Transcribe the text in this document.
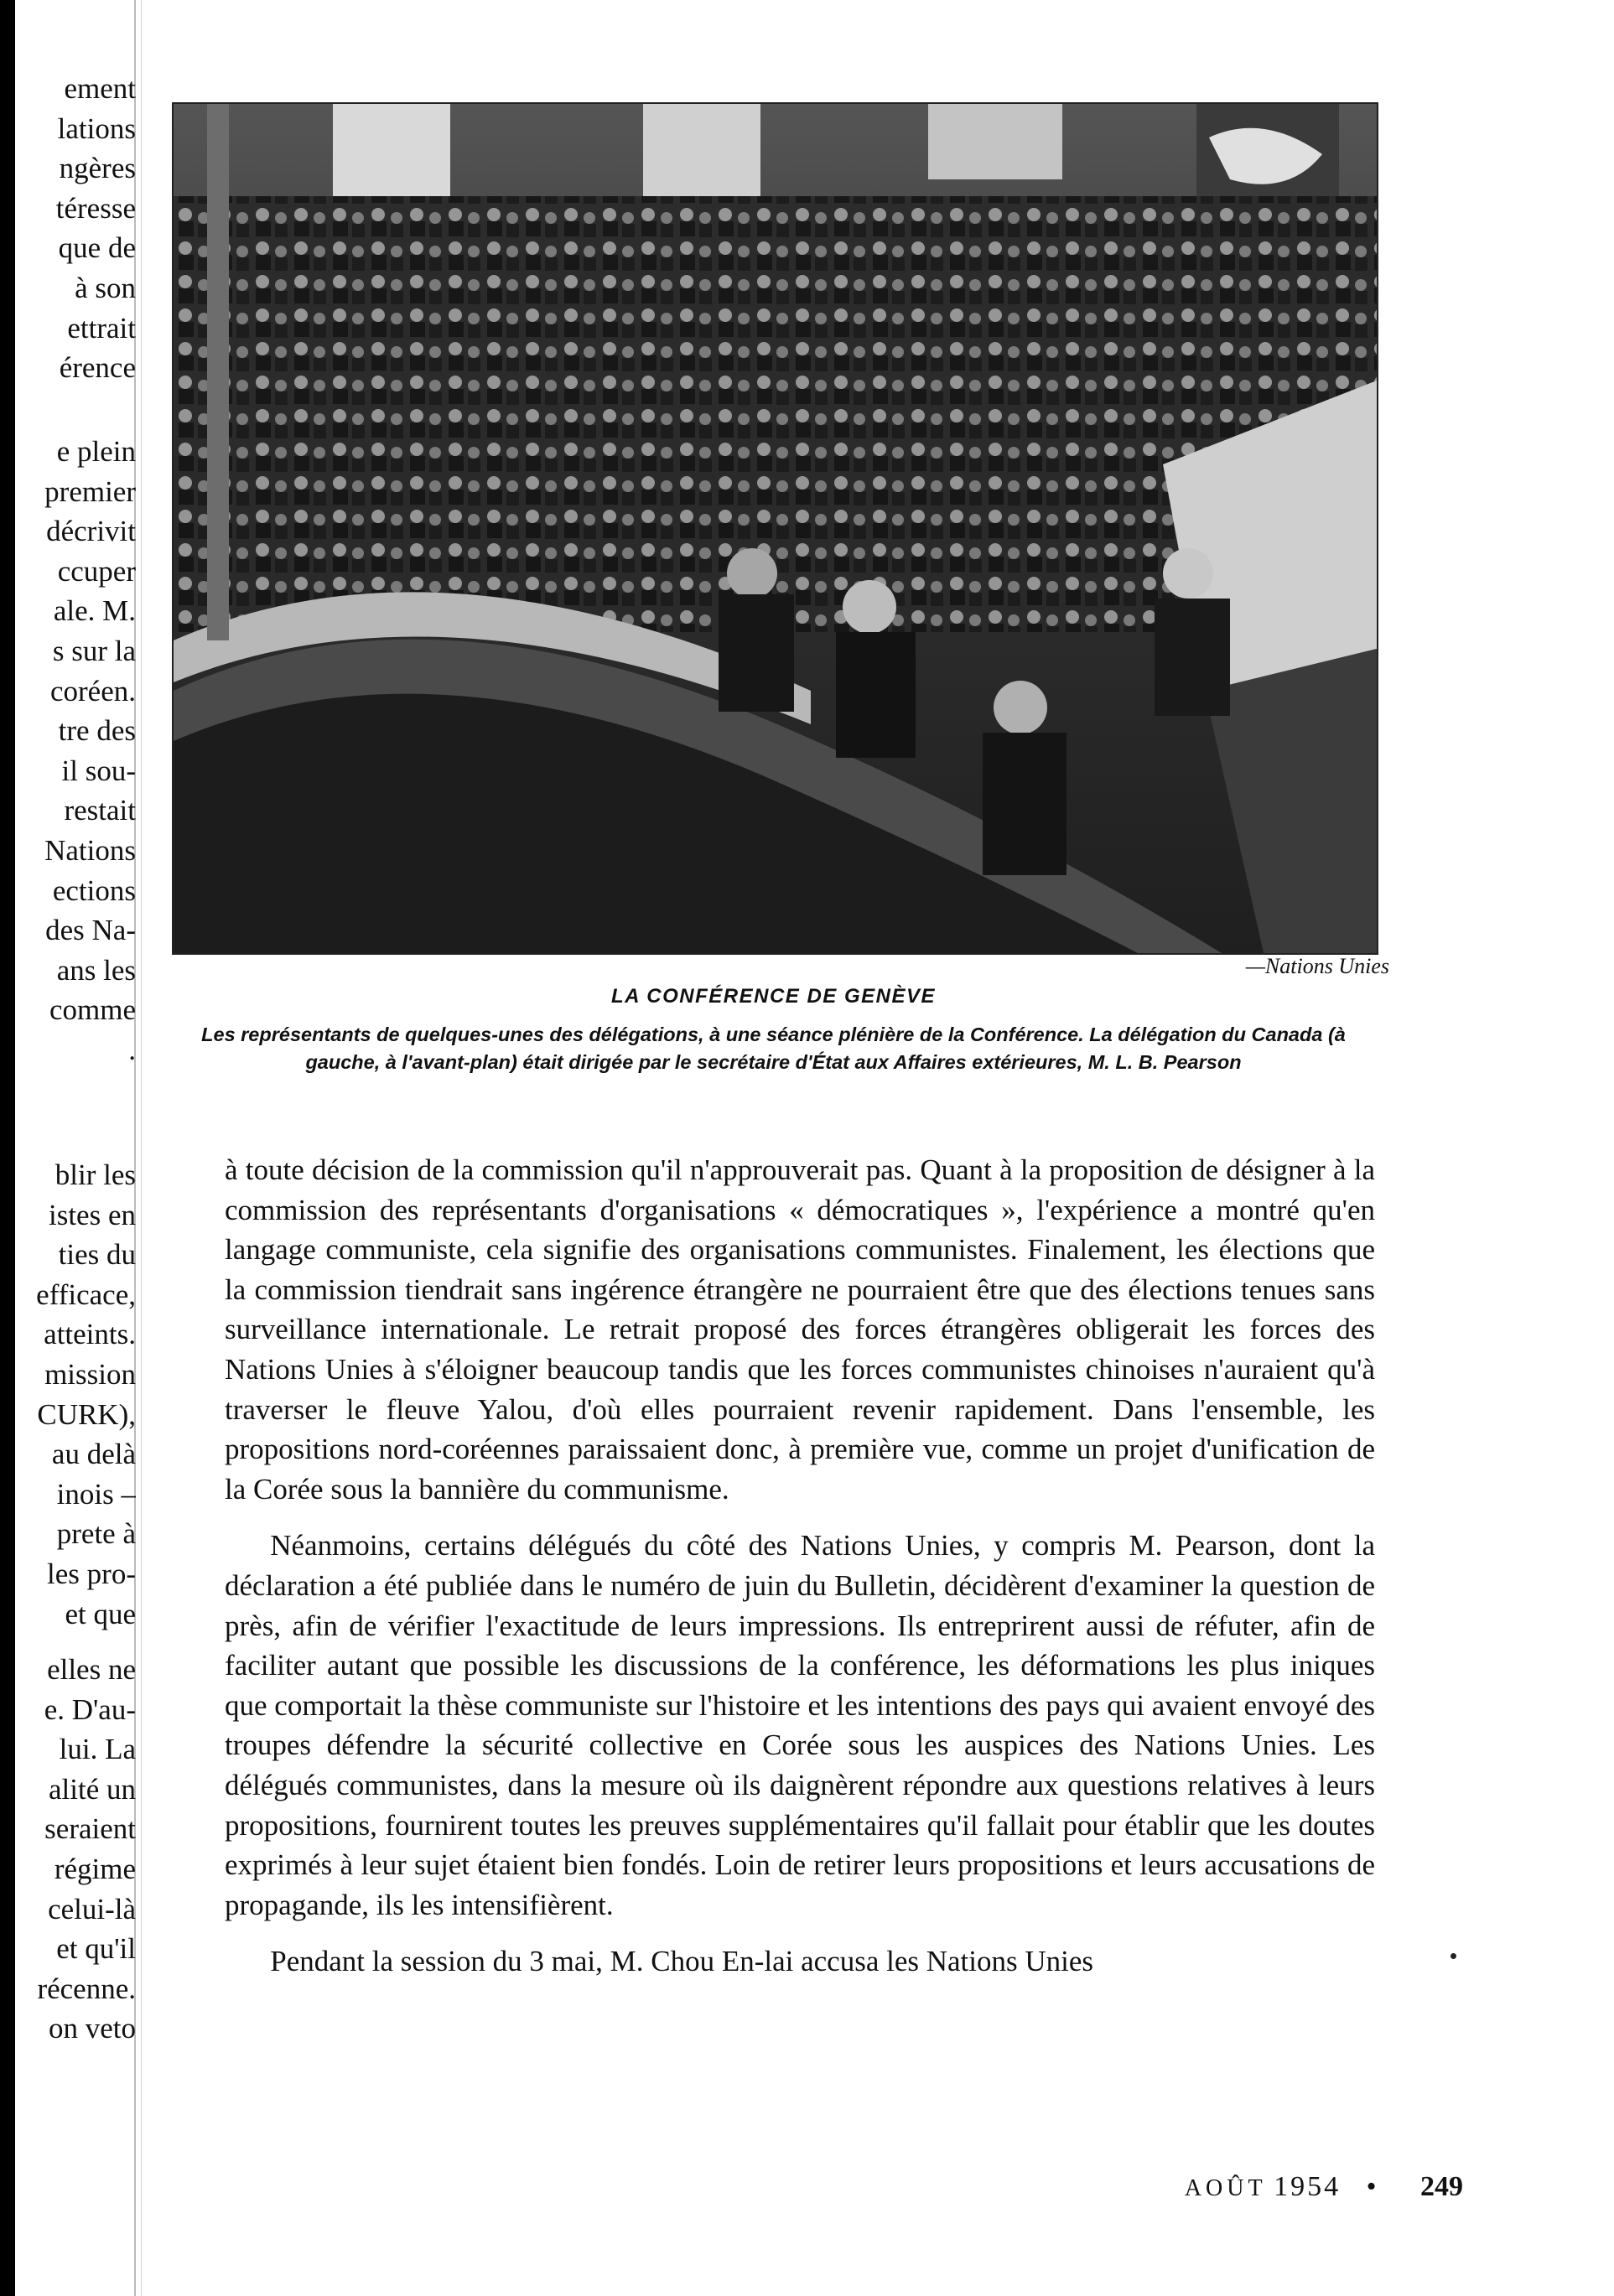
ement
lations
ngères
téresse
que de
à son
ettrait
érence
e plein
premier
décrivit
ccuper
ale. M.
s sur la
coréen.
tre des
il sou-
restait
Nations
ections
des Na-
ans les
comme
.
blir les
istes en
ties du
efficace,
atteints.
mission
CURK),
au delà
inois –
prete à
les pro-
et que
elles ne
e. D'au-
lui. La
alité un
seraient
régime
celui-là
et qu'il
récenne.
on veto
—Nations Unies
LA CONFÉRENCE DE GENÈVE
Les représentants de quelques-unes des délégations, à une séance plénière de la Conférence. La délégation du Canada (à gauche, à l'avant-plan) était dirigée par le secrétaire d'État aux Affaires extérieures, M. L. B. Pearson

à toute décision de la commission qu'il n'approuverait pas. Quant à la proposition de désigner à la commission des représentants d'organisations « démocratiques », l'expérience a montré qu'en langage communiste, cela signifie des organisations communistes. Finalement, les élections que la commission tiendrait sans ingérence étrangère ne pourraient être que des élections tenues sans surveillance internationale. Le retrait proposé des forces étrangères obligerait les forces des Nations Unies à s'éloigner beaucoup tandis que les forces communistes chinoises n'auraient qu'à traverser le fleuve Yalou, d'où elles pourraient revenir rapidement. Dans l'ensemble, les propositions nord-coréennes paraissaient donc, à première vue, comme un projet d'unification de la Corée sous la bannière du communisme.

Néanmoins, certains délégués du côté des Nations Unies, y compris M. Pearson, dont la déclaration a été publiée dans le numéro de juin du Bulletin, décidèrent d'examiner la question de près, afin de vérifier l'exactitude de leurs impressions. Ils entreprirent aussi de réfuter, afin de faciliter autant que possible les discussions de la conférence, les déformations les plus iniques que comportait la thèse communiste sur l'histoire et les intentions des pays qui avaient envoyé des troupes défendre la sécurité collective en Corée sous les auspices des Nations Unies. Les délégués communistes, dans la mesure où ils daignèrent répondre aux questions relatives à leurs propositions, fournirent toutes les preuves supplémentaires qu'il fallait pour établir que les doutes exprimés à leur sujet étaient bien fondés. Loin de retirer leurs propositions et leurs accusations de propagande, ils les intensifièrent.

Pendant la session du 3 mai, M. Chou En-lai accusa les Nations Unies

AOÛT 1954 • 249
